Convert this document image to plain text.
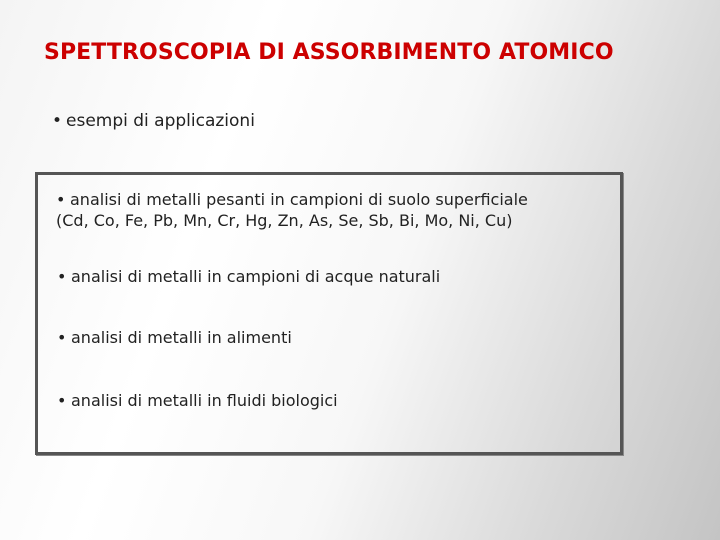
SPETTROSCOPIA DI ASSORBIMENTO ATOMICO
• esempi di applicazioni
• analisi di metalli pesanti in campioni di suolo superficiale
(Cd, Co, Fe, Pb, Mn, Cr, Hg, Zn, As, Se, Sb, Bi, Mo, Ni, Cu)
• analisi di metalli in campioni di acque naturali
• analisi di metalli in alimenti
• analisi di metalli in fluidi biologici
